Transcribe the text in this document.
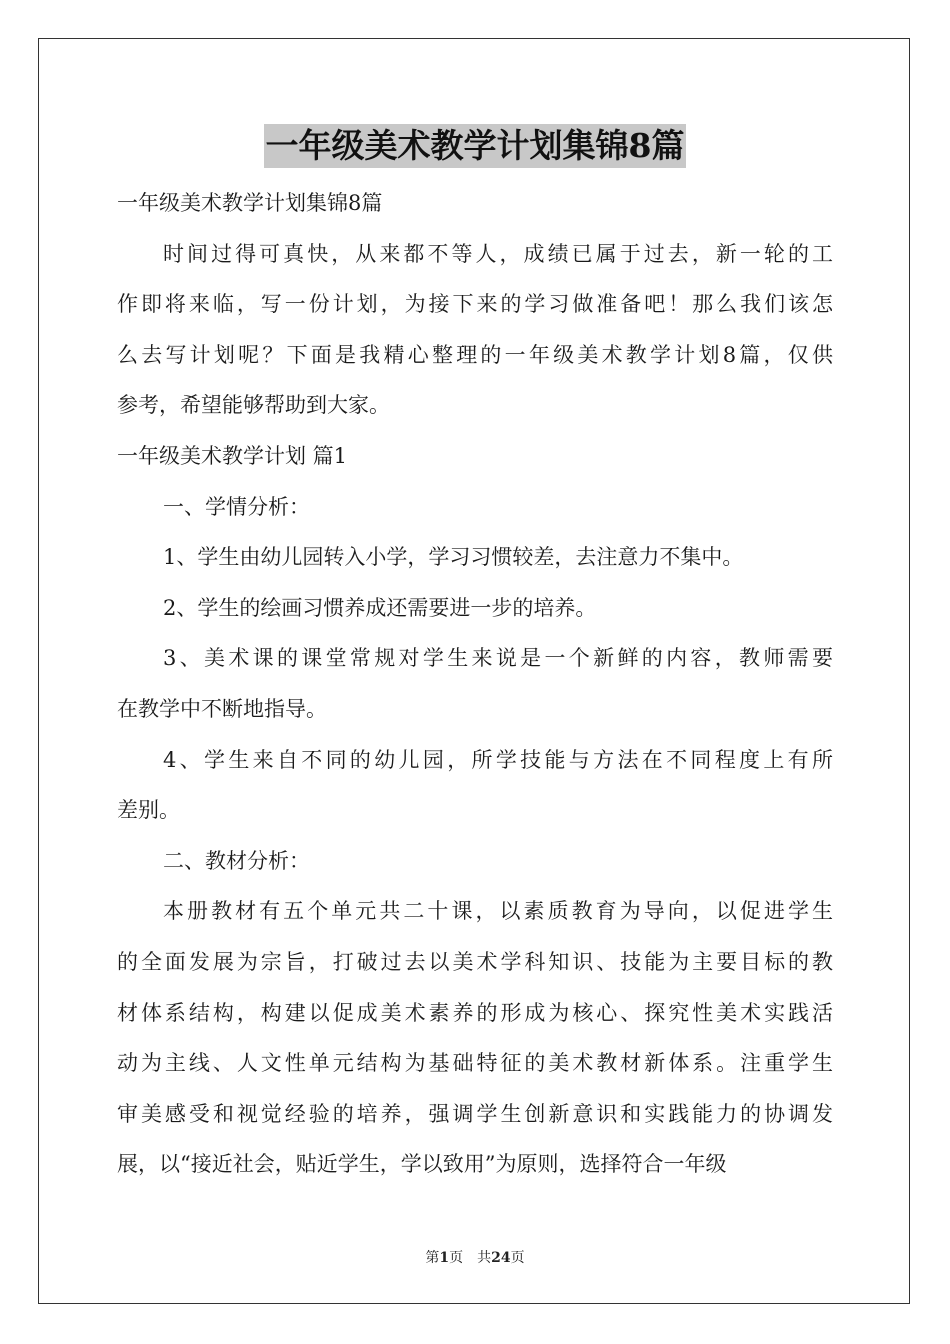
一年级美术教学计划集锦8篇

一年级美术教学计划集锦8篇

时间过得可真快，从来都不等人，成绩已属于过去，新一轮的工

作即将来临，写一份计划，为接下来的学习做准备吧！那么我们该怎

么去写计划呢？下面是我精心整理的一年级美术教学计划8篇，仅供

参考，希望能够帮助到大家。

一年级美术教学计划 篇1

一、学情分析：

1、学生由幼儿园转入小学，学习习惯较差，去注意力不集中。

2、学生的绘画习惯养成还需要进一步的培养。

3、美术课的课堂常规对学生来说是一个新鲜的内容，教师需要

在教学中不断地指导。

4、学生来自不同的幼儿园，所学技能与方法在不同程度上有所

差别。

二、教材分析：

本册教材有五个单元共二十课，以素质教育为导向，以促进学生

的全面发展为宗旨，打破过去以美术学科知识、技能为主要目标的教

材体系结构，构建以促成美术素养的形成为核心、探究性美术实践活

动为主线、人文性单元结构为基础特征的美术教材新体系。注重学生

审美感受和视觉经验的培养，强调学生创新意识和实践能力的协调发

展，以“接近社会，贴近学生，学以致用”为原则，选择符合一年级

第1页　共24页
